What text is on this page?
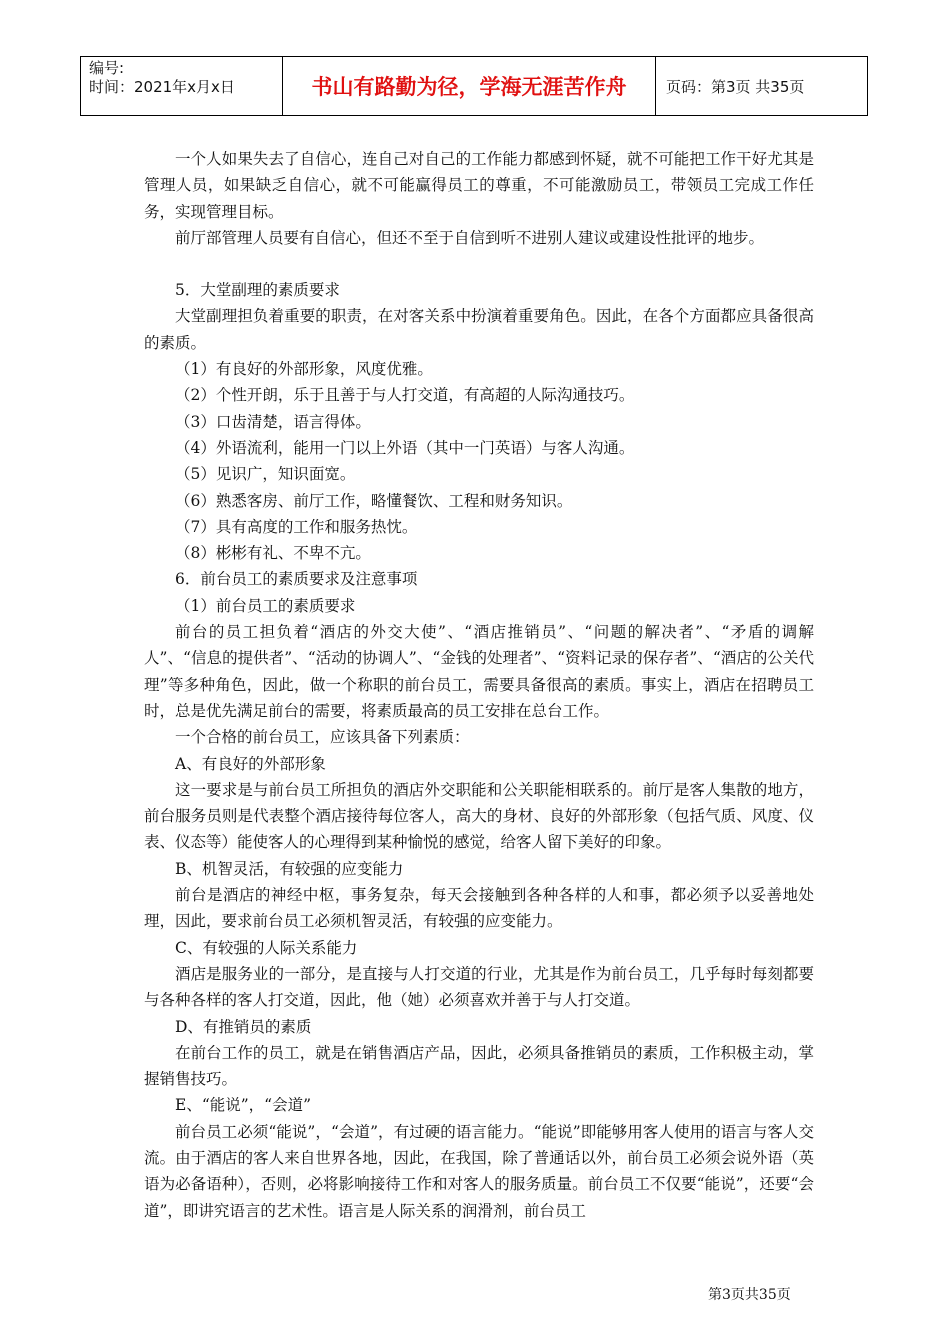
编号:
时间：2021年x月x日	书山有路勤为径，学海无涯苦作舟	页码：第3页 共35页

一个人如果失去了自信心，连自己对自己的工作能力都感到怀疑，就不可能把工作干好尤其是管理人员，如果缺乏自信心，就不可能赢得员工的尊重，不可能激励员工，带领员工完成工作任务，实现管理目标。

前厅部管理人员要有自信心，但还不至于自信到听不进别人建议或建设性批评的地步。

5．大堂副理的素质要求

大堂副理担负着重要的职责，在对客关系中扮演着重要角色。因此，在各个方面都应具备很高的素质。

（1）有良好的外部形象，风度优雅。

（2）个性开朗，乐于且善于与人打交道，有高超的人际沟通技巧。

（3）口齿清楚，语言得体。

（4）外语流利，能用一门以上外语（其中一门英语）与客人沟通。

（5）见识广，知识面宽。

（6）熟悉客房、前厅工作，略懂餐饮、工程和财务知识。

（7）具有高度的工作和服务热忱。

（8）彬彬有礼、不卑不亢。

6．前台员工的素质要求及注意事项

（1）前台员工的素质要求

前台的员工担负着“酒店的外交大使”、“酒店推销员”、“问题的解决者”、“矛盾的调解人”、“信息的提供者”、“活动的协调人”、“金钱的处理者”、“资料记录的保存者”、“酒店的公关代理”等多种角色，因此，做一个称职的前台员工，需要具备很高的素质。事实上，酒店在招聘员工时，总是优先满足前台的需要，将素质最高的员工安排在总台工作。

一个合格的前台员工，应该具备下列素质：

A、有良好的外部形象

这一要求是与前台员工所担负的酒店外交职能和公关职能相联系的。前厅是客人集散的地方，前台服务员则是代表整个酒店接待每位客人，高大的身材、良好的外部形象（包括气质、风度、仪表、仪态等）能使客人的心理得到某种愉悦的感觉，给客人留下美好的印象。

B、机智灵活，有较强的应变能力

前台是酒店的神经中枢，事务复杂，每天会接触到各种各样的人和事，都必须予以妥善地处理，因此，要求前台员工必须机智灵活，有较强的应变能力。

C、有较强的人际关系能力

酒店是服务业的一部分，是直接与人打交道的行业，尤其是作为前台员工，几乎每时每刻都要与各种各样的客人打交道，因此，他（她）必须喜欢并善于与人打交道。

D、有推销员的素质

在前台工作的员工，就是在销售酒店产品，因此，必须具备推销员的素质，工作积极主动，掌握销售技巧。

E、“能说”，“会道”

前台员工必须“能说”，“会道”，有过硬的语言能力。“能说”即能够用客人使用的语言与客人交流。由于酒店的客人来自世界各地，因此，在我国，除了普通话以外，前台员工必须会说外语（英语为必备语种），否则，必将影响接待工作和对客人的服务质量。前台员工不仅要“能说”，还要“会道”，即讲究语言的艺术性。语言是人际关系的润滑剂，前台员工

第3页共35页
